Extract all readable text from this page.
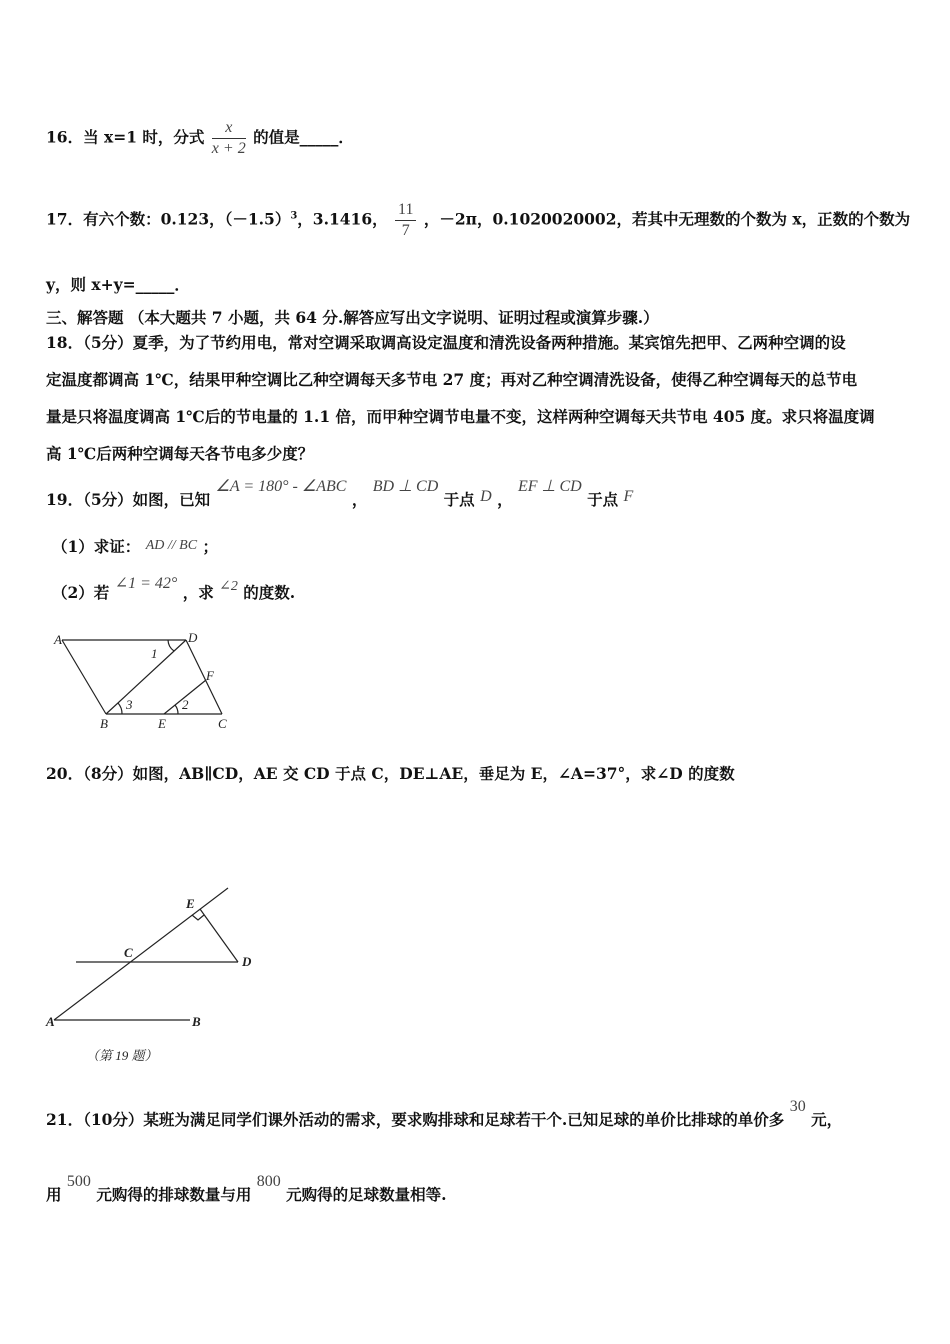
16．当 x=1 时，分式 $\frac{x}{x + 2}$ 的值是_____．
17．有六个数：0.123，$(-1.5)^3$，3.1416， $\frac{11}{7}$ ，－2π，0.1020020002，若其中无理数的个数为 x，正数的个数为
y，则 x+y=_____．
三、解答题 （本大题共 7 小题，共 64 分.解答应写出文字说明、证明过程或演算步骤.）
18．（5分）夏季，为了节约用电，常对空调采取调高设定温度和清洗设备两种措施。某宾馆先把甲、乙两种空调的设
定温度都调高 1℃，结果甲种空调比乙种空调每天多节电 27 度；再对乙种空调清洗设备，使得乙种空调每天的总节电
量是只将温度调高 1℃后的节电量的 1.1 倍，而甲种空调节电量不变，这样两种空调每天共节电 405 度。求只将温度调
高 1℃后两种空调每天各节电多少度？
19．（5分）如图，已知 ∠A = 180° - ∠ABC ， BD ⊥ CD 于点 D ， EF ⊥ CD 于点 F
（1）求证： AD // BC ；
（2）若 ∠1 = 42° ，求 ∠2 的度数.
A	D
B	E	C
F
1
2
3
20．（8分）如图，AB∥CD，AE 交 CD 于点 C，DE⊥AE，垂足为 E，∠A=37°，求∠D 的度数
E
C
D
A	B
（第 19 题）
21．（10分）某班为满足同学们课外活动的需求，要求购排球和足球若干个.已知足球的单价比排球的单价多 30 元，
用 500 元购得的排球数量与用 800 元购得的足球数量相等.
